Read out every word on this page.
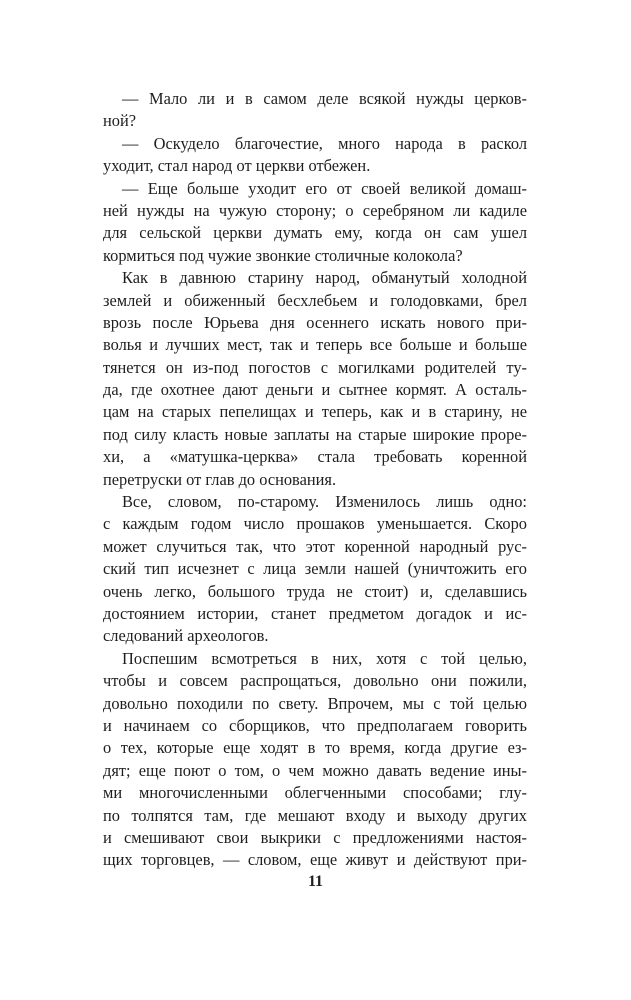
— Мало ли и в самом деле всякой нужды церков-
ной?
— Оскудело благочестие, много народа в раскол
уходит, стал народ от церкви отбежен.
— Еще больше уходит его от своей великой домаш-
ней нужды на чужую сторону; о серебряном ли кадиле
для сельской церкви думать ему, когда он сам ушел
кормиться под чужие звонкие столичные колокола?
Как в давнюю старину народ, обманутый холодной
землей и обиженный бесхлебьем и голодовками, брел
врозь после Юрьева дня осеннего искать нового при-
волья и лучших мест, так и теперь все больше и больше
тянется он из-под погостов с могилками родителей ту-
да, где охотнее дают деньги и сытнее кормят. А осталь-
цам на старых пепелищах и теперь, как и в старину, не
под силу класть новые заплаты на старые широкие проре-
хи, а «матушка-церква» стала требовать коренной
перетруски от глав до основания.
Все, словом, по-старому. Изменилось лишь одно:
с каждым годом число прошаков уменьшается. Скоро
может случиться так, что этот коренной народный рус-
ский тип исчезнет с лица земли нашей (уничтожить его
очень легко, большого труда не стоит) и, сделавшись
достоянием истории, станет предметом догадок и ис-
следований археологов.
Поспешим всмотреться в них, хотя с той целью,
чтобы и совсем распрощаться, довольно они пожили,
довольно походили по свету. Впрочем, мы с той целью
и начинаем со сборщиков, что предполагаем говорить
о тех, которые еще ходят в то время, когда другие ез-
дят; еще поют о том, о чем можно давать ведение ины-
ми многочисленными облегченными способами; глу-
по толпятся там, где мешают входу и выходу других
и смешивают свои выкрики с предложениями настоя-
щих торговцев, — словом, еще живут и действуют при-
11
